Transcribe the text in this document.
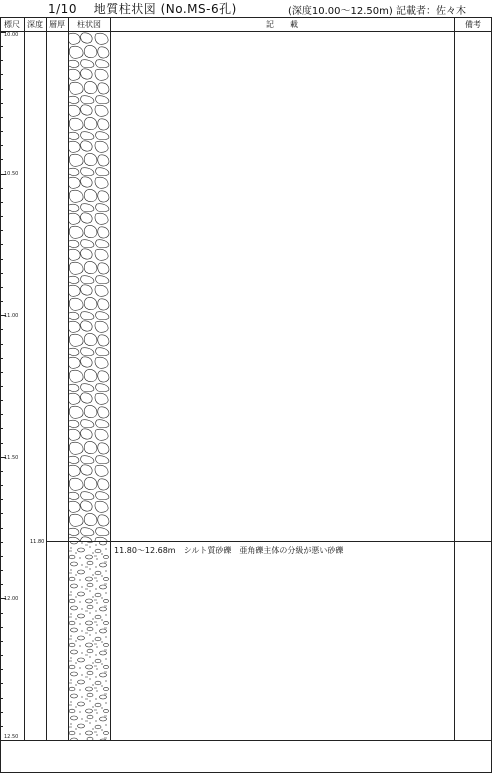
1/10　 地質柱状図 (No.MS-6孔)	(深度10.00～12.50m) 記載者：佐々木
標尺 深度 層厚	柱状図	記　　載	備考
10.00
10.50
11.00
11.50
12.00
12.50
11.80
11.80～12.68m　シルト質砂礫　亜角礫主体の分級が悪い砂礫
